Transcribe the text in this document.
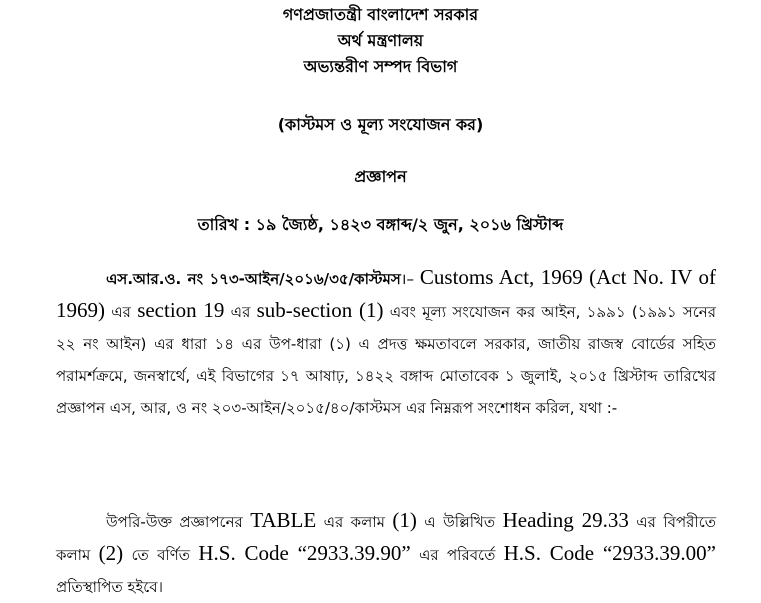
গণপ্রজাতন্ত্রী বাংলাদেশ সরকার
অর্থ মন্ত্রণালয়
অভ্যন্তরীণ সম্পদ বিভাগ
(কাস্টমস ও মূল্য সংযোজন কর)
প্রজ্ঞাপন
তারিখ : ১৯ জ্যৈষ্ঠ, ১৪২৩ বঙ্গাব্দ/২ জুন, ২০১৬ খ্রিস্টাব্দ
এস.আর.ও. নং ১৭৩-আইন/২০১৬/৩৫/কাস্টমস।– Customs Act, 1969 (Act No. IV of 1969) এর section 19 এর sub-section (1) এবং মূল্য সংযোজন কর আইন, ১৯৯১ (১৯৯১ সনের ২২ নং আইন) এর ধারা ১৪ এর উপ-ধারা (১) এ প্রদত্ত ক্ষমতাবলে সরকার, জাতীয় রাজস্ব বোর্ডের সহিত পরামর্শক্রমে, জনস্বার্থে, এই বিভাগের ১৭ আষাঢ়, ১৪২২ বঙ্গাব্দ মোতাবেক ১ জুলাই, ২০১৫ খ্রিস্টাব্দ তারিখের প্রজ্ঞাপন এস, আর, ও নং ২০৩-আইন/২০১৫/৪০/কাস্টমস এর নিম্নরূপ সংশোধন করিল, যথা :-
উপরি-উক্ত প্রজ্ঞাপনের TABLE এর কলাম (1) এ উল্লিখিত Heading 29.33 এর বিপরীতে কলাম (2) তে বর্ণিত H.S. Code “2933.39.90” এর পরিবর্তে H.S. Code “2933.39.00” প্রতিস্থাপিত হইবে।
